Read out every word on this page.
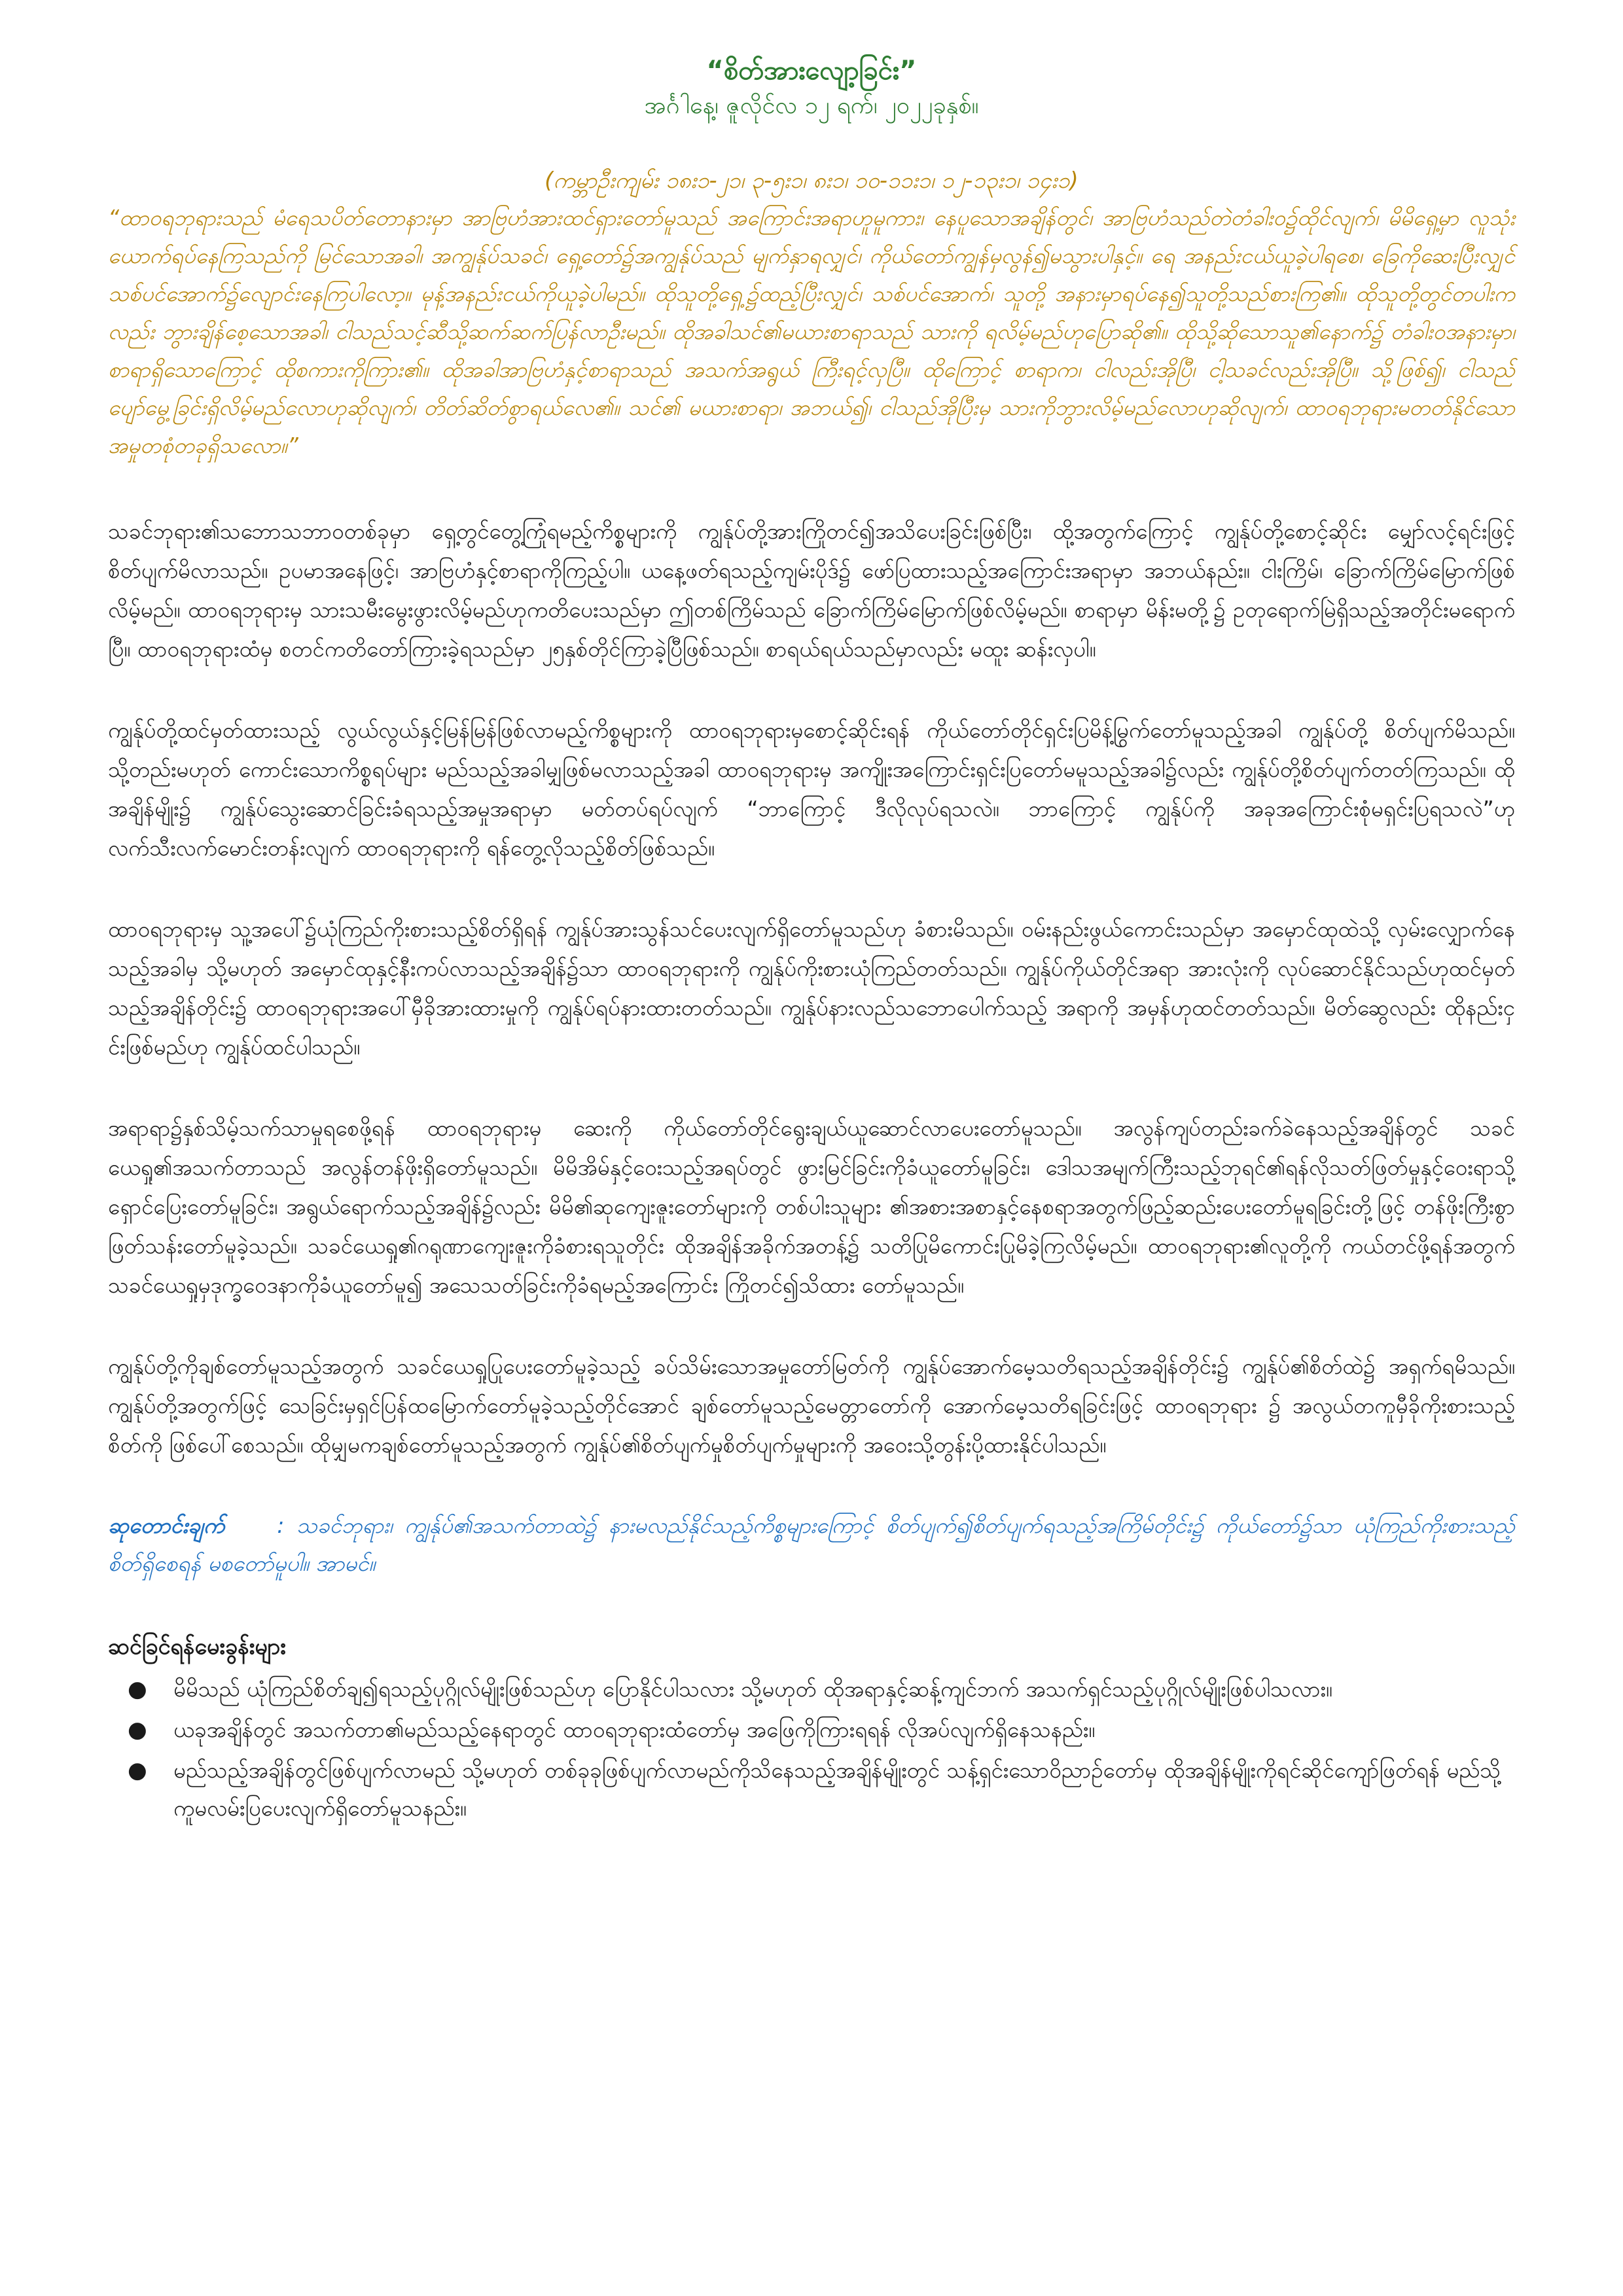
“စိတ်အားလျော့ခြင်း”

အင်္ဂါနေ့၊ ဇူလိုင်လ ၁၂ ရက်၊ ၂၀၂၂ခုနှစ်။

(ကမ္ဘာဦးကျမ်း ၁၈း၁-၂၁၊ ၃-၅း၁၊ ၈း၁၊ ၁၀-၁၁း၁၊ ၁၂-၁၃း၁၊ ၁၄း၁)

“ထာဝရဘုရားသည် မံရေသပိတ်တောနားမှာ အာဗြဟံအားထင်ရှားတော်မူသည် အကြောင်းအရာဟူမူကား၊ နေပူသောအချိန်တွင်၊ အာဗြဟံသည်တဲတံခါးဝ၌ထိုင်လျက်၊ မိမိရှေ့မှာ လူသုံးယောက်ရပ်နေကြသည်ကို မြင်သောအခါ၊ အကျွန်ုပ်သခင်၊ ရှေ့တော်၌အကျွန်ုပ်သည် မျက်နှာရလျှင်၊ ကိုယ်တော်ကျွန်မှလွန်၍မသွားပါနှင့်။ ရေ အနည်းငယ်ယူခဲ့ပါရစေ၊ ခြေကိုဆေးပြီးလျှင် သစ်ပင်အောက်၌လျောင်းနေကြပါလော့။ မုန့်အနည်းငယ်ကိုယူခဲ့ပါမည်။ ထိုသူတို့ရှေ့၌ထည့်ပြီးလျှင်၊ သစ်ပင်အောက်၊ သူတို့ အနားမှာရပ်နေ၍သူတို့သည်စားကြ၏။ ထိုသူတို့တွင်တပါးကလည်း ဘွားချိန်စေ့သောအခါ၊ ငါသည်သင့်ဆီသို့ဆက်ဆက်ပြန်လာဦးမည်။ ထိုအခါသင်၏မယားစာရာသည် သားကို ရလိမ့်မည်ဟုပြောဆို၏။ ထိုသို့ဆိုသောသူ၏နောက်၌ တံခါးဝအနားမှာ၊ စာရာရှိသောကြောင့် ထိုစကားကိုကြား၏။ ထိုအခါအာဗြဟံနှင့်စာရာသည် အသက်အရွယ် ကြီးရင့်လှပြီ။ ထိုကြောင့် စာရာက၊ ငါလည်းအိုပြီ၊ ငါ့သခင်လည်းအိုပြီ။ သို့ဖြစ်၍၊ ငါသည်ပျော်မွေ့ခြင်းရှိလိမ့်မည်လောဟုဆိုလျက်၊ တိတ်ဆိတ်စွာရယ်လေ၏။ သင်၏ မယားစာရာ၊ အဘယ်၍၊ ငါသည်အိုပြီးမှ သားကိုဘွားလိမ့်မည်လောဟုဆိုလျက်၊ ထာဝရဘုရားမတတ်နိုင်သောအမှုတစုံတခုရှိသလော။”

သခင်ဘုရား၏သဘောသဘာဝတစ်ခုမှာ ရှေ့တွင်တွေ့ကြုံရမည့်ကိစ္စများကို ကျွန်ုပ်တို့အားကြိုတင်၍အသိပေးခြင်းဖြစ်ပြီး၊ ထို့အတွက်ကြောင့် ကျွန်ုပ်တို့စောင့်ဆိုင်း မျှော်လင့်ရင်းဖြင့် စိတ်ပျက်မိလာသည်။ ဥပမာအနေဖြင့်၊ အာဗြဟံနှင့်စာရာကိုကြည့်ပါ။ ယနေ့ဖတ်ရသည့်ကျမ်းပိုဒ်၌ ဖော်ပြထားသည့်အကြောင်းအရာမှာ အဘယ်နည်း။ ငါးကြိမ်၊ ခြောက်ကြိမ်မြောက်ဖြစ်လိမ့်မည်။ ထာဝရဘုရားမှ သားသမီးမွေးဖွားလိမ့်မည်ဟုကတိပေးသည်မှာ ဤတစ်ကြိမ်သည် ခြောက်ကြိမ်မြောက်ဖြစ်လိမ့်မည်။ စာရာမှာ မိန်းမတို့၌ ဥတုရောက်မြဲရှိသည့်အတိုင်းမရောက်ပြီ။ ထာဝရဘုရားထံမှ စတင်ကတိတော်ကြားခဲ့ရသည်မှာ ၂၅နှစ်တိုင်ကြာခဲ့ပြီဖြစ်သည်။ စာရယ်ရယ်သည်မှာလည်း မထူး ဆန်းလှပါ။

ကျွန်ုပ်တို့ထင်မှတ်ထားသည့် လွယ်လွယ်နှင့်မြန်မြန်ဖြစ်လာမည့်ကိစ္စများကို ထာဝရဘုရားမှစောင့်ဆိုင်းရန် ကိုယ်တော်တိုင်ရှင်းပြမိန့်မြွက်တော်မူသည့်အခါ ကျွန်ုပ်တို့ စိတ်ပျက်မိသည်။ သို့တည်းမဟုတ် ကောင်းသောကိစ္စရပ်များ မည်သည့်အခါမျှဖြစ်မလာသည့်အခါ ထာဝရဘုရားမှ အကျိုးအကြောင်းရှင်းပြတော်မမူသည့်အခါ၌လည်း ကျွန်ုပ်တို့စိတ်ပျက်တတ်ကြသည်။ ထိုအချိန်မျိုး၌ ကျွန်ုပ်သွေးဆောင်ခြင်းခံရသည့်အမှုအရာမှာ မတ်တပ်ရပ်လျက် “ဘာကြောင့် ဒီလိုလုပ်ရသလဲ။ ဘာကြောင့် ကျွန်ုပ်ကို အခုအကြောင်းစုံမရှင်းပြရသလဲ”ဟု လက်သီးလက်မောင်းတန်းလျက် ထာဝရဘုရားကို ရန်တွေ့လိုသည့်စိတ်ဖြစ်သည်။

ထာဝရဘုရားမှ သူ့အပေါ်၌ယုံကြည်ကိုးစားသည့်စိတ်ရှိရန် ကျွန်ုပ်အားသွန်သင်ပေးလျက်ရှိတော်မူသည်ဟု ခံစားမိသည်။ ဝမ်းနည်းဖွယ်ကောင်းသည်မှာ အမှောင်ထုထဲသို့ လှမ်းလျှောက်နေသည့်အခါမှ သို့မဟုတ် အမှောင်ထုနှင့်နီးကပ်လာသည့်အချိန်၌သာ ထာဝရဘုရားကို ကျွန်ုပ်ကိုးစားယုံကြည်တတ်သည်။ ကျွန်ုပ်ကိုယ်တိုင်အရာ အားလုံးကို လုပ်ဆောင်နိုင်သည်ဟုထင်မှတ်သည့်အချိန်တိုင်း၌ ထာဝရဘုရားအပေါ်မှီခိုအားထားမှုကို ကျွန်ုပ်ရပ်နားထားတတ်သည်။ ကျွန်ုပ်နားလည်သဘောပေါက်သည့် အရာကို အမှန်ဟုထင်တတ်သည်။ မိတ်ဆွေလည်း ထိုနည်းငှင်းဖြစ်မည်ဟု ကျွန်ုပ်ထင်ပါသည်။

အရာရာ၌နှစ်သိမ့်သက်သာမှုရစေဖို့ရန် ထာဝရဘုရားမှ ဆေးကို ကိုယ်တော်တိုင်ရွေးချယ်ယူဆောင်လာပေးတော်မူသည်။ အလွန်ကျပ်တည်းခက်ခဲနေသည့်အချိန်တွင် သခင်ယေရှု၏အသက်တာသည် အလွန်တန်ဖိုးရှိတော်မူသည်။ မိမိအိမ်နှင့်ဝေးသည့်အရပ်တွင် ဖွားမြင်ခြင်းကိုခံယူတော်မူခြင်း၊ ဒေါသအမျက်ကြီးသည့်ဘုရင်၏ရန်လိုသတ်ဖြတ်မှုနှင့်ဝေးရာသို့ရှောင်ပြေးတော်မူခြင်း၊ အရွယ်ရောက်သည့်အချိန်၌လည်း မိမိ၏ဆုကျေးဇူးတော်များကို တစ်ပါးသူများ ၏အစားအစာနှင့်နေစရာအတွက်ဖြည့်ဆည်းပေးတော်မူရခြင်းတို့ဖြင့် တန်ဖိုးကြီးစွာဖြတ်သန်းတော်မူခဲ့သည်။ သခင်ယေရှု၏ဂရုဏာကျေးဇူးကိုခံစားရသူတိုင်း ထိုအချိန်အခိုက်အတန့်၌ သတိပြုမိကောင်းပြုမိခဲ့ကြလိမ့်မည်။ ထာဝရဘုရား၏လူတို့ကို ကယ်တင်ဖို့ရန်အတွက် သခင်ယေရှုမှဒုက္ခဝေဒနာကိုခံယူတော်မူ၍ အသေသတ်ခြင်းကိုခံရမည့်အကြောင်း ကြိုတင်၍သိထား တော်မူသည်။

ကျွန်ုပ်တို့ကိုချစ်တော်မူသည့်အတွက် သခင်ယေရှုပြုပေးတော်မူခဲ့သည့် ခပ်သိမ်းသောအမှုတော်မြတ်ကို ကျွန်ုပ်အောက်မေ့သတိရသည့်အချိန်တိုင်း၌ ကျွန်ုပ်၏စိတ်ထဲ၌ အရှက်ရမိသည်။ ကျွန်ုပ်တို့အတွက်ဖြင့် သေခြင်းမှရှင်ပြန်ထမြောက်တော်မူခဲ့သည့်တိုင်အောင် ချစ်တော်မူသည့်မေတ္တာတော်ကို အောက်မေ့သတိရခြင်းဖြင့် ထာဝရဘုရား ၌ အလွယ်တကူမှီခိုကိုးစားသည့်စိတ်ကို ဖြစ်ပေါ်စေသည်။ ထိုမျှမကချစ်တော်မူသည့်အတွက် ကျွန်ုပ်၏စိတ်ပျက်မှုစိတ်ပျက်မှုများကို အဝေးသို့တွန်းပို့ထားနိုင်ပါသည်။

ဆုတောင်းချက် : သခင်ဘုရား၊ ကျွန်ုပ်၏အသက်တာထဲ၌ နားမလည်နိုင်သည့်ကိစ္စများကြောင့် စိတ်ပျက်၍စိတ်ပျက်ရသည့်အကြိမ်တိုင်း၌ ကိုယ်တော်၌သာ ယုံကြည်ကိုးစားသည့်စိတ်ရှိစေရန် မစတော်မူပါ။ အာမင်။

ဆင်ခြင်ရန်မေးခွန်းများ

● မိမိသည် ယုံကြည်စိတ်ချ၍ရသည့်ပုဂ္ဂိုလ်မျိုးဖြစ်သည်ဟု ပြောနိုင်ပါသလား သို့မဟုတ် ထိုအရာနှင့်ဆန့်ကျင်ဘက် အသက်ရှင်သည့်ပုဂ္ဂိုလ်မျိုးဖြစ်ပါသလား။
● ယခုအချိန်တွင် အသက်တာ၏မည်သည့်နေရာတွင် ထာဝရဘုရားထံတော်မှ အဖြေကိုကြားရရန် လိုအပ်လျက်ရှိနေသနည်း။
● မည်သည့်အချိန်တွင်ဖြစ်ပျက်လာမည် သို့မဟုတ် တစ်ခုခုဖြစ်ပျက်လာမည်ကိုသိနေသည့်အချိန်မျိုးတွင် သန့်ရှင်းသောဝိညာဉ်တော်မှ ထိုအချိန်မျိုးကိုရင်ဆိုင်ကျော်ဖြတ်ရန် မည်သို့ကူမလမ်းပြပေးလျက်ရှိတော်မူသနည်း။
